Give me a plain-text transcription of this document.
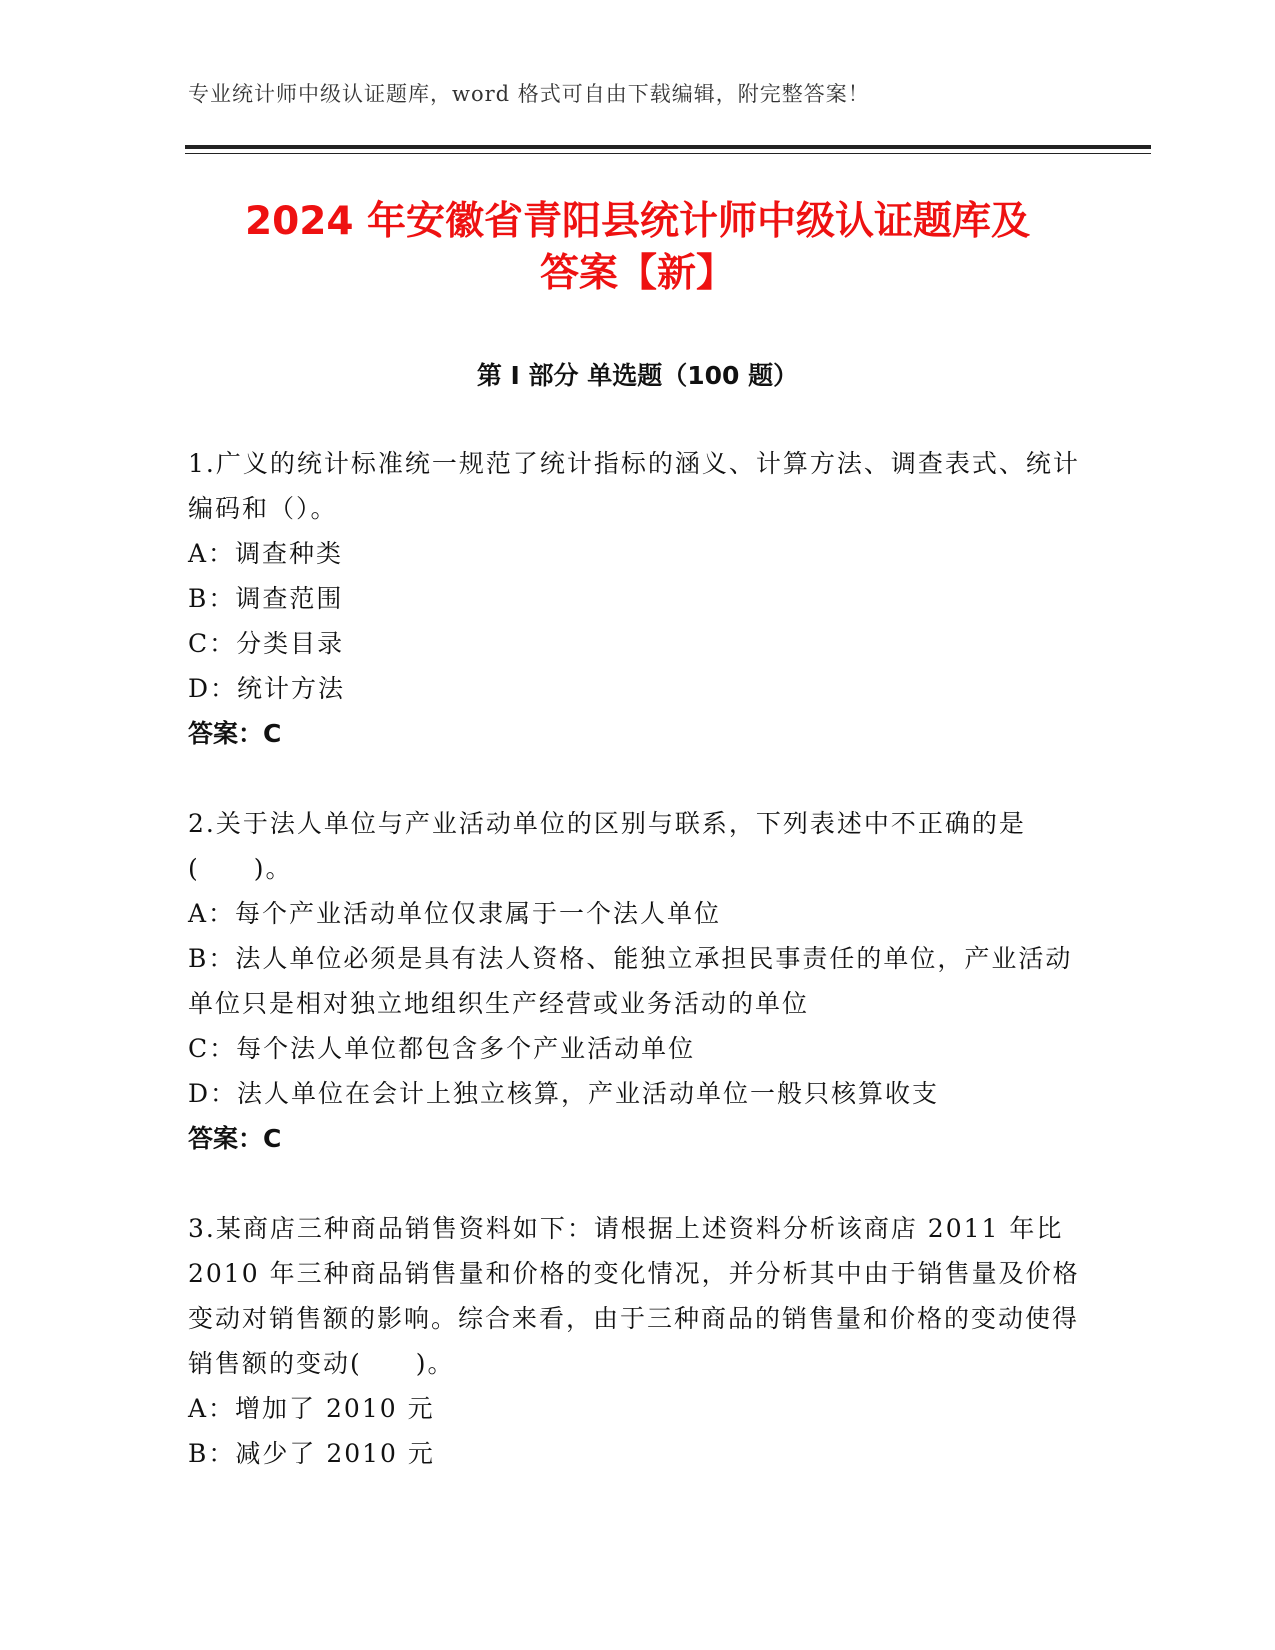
专业统计师中级认证题库，word 格式可自由下载编辑，附完整答案！
2024 年安徽省青阳县统计师中级认证题库及
答案【新】
第 I 部分 单选题（100 题）
1.广义的统计标准统一规范了统计指标的涵义、计算方法、调查表式、统计编码和（）。
A：调查种类
B：调查范围
C：分类目录
D：统计方法
答案：C
2.关于法人单位与产业活动单位的区别与联系，下列表述中不正确的是(　　)。
A：每个产业活动单位仅隶属于一个法人单位
B：法人单位必须是具有法人资格、能独立承担民事责任的单位，产业活动单位只是相对独立地组织生产经营或业务活动的单位
C：每个法人单位都包含多个产业活动单位
D：法人单位在会计上独立核算，产业活动单位一般只核算收支
答案：C
3.某商店三种商品销售资料如下：请根据上述资料分析该商店 2011 年比 2010 年三种商品销售量和价格的变化情况，并分析其中由于销售量及价格变动对销售额的影响。综合来看，由于三种商品的销售量和价格的变动使得销售额的变动(　　)。
A：增加了 2010 元
B：减少了 2010 元
